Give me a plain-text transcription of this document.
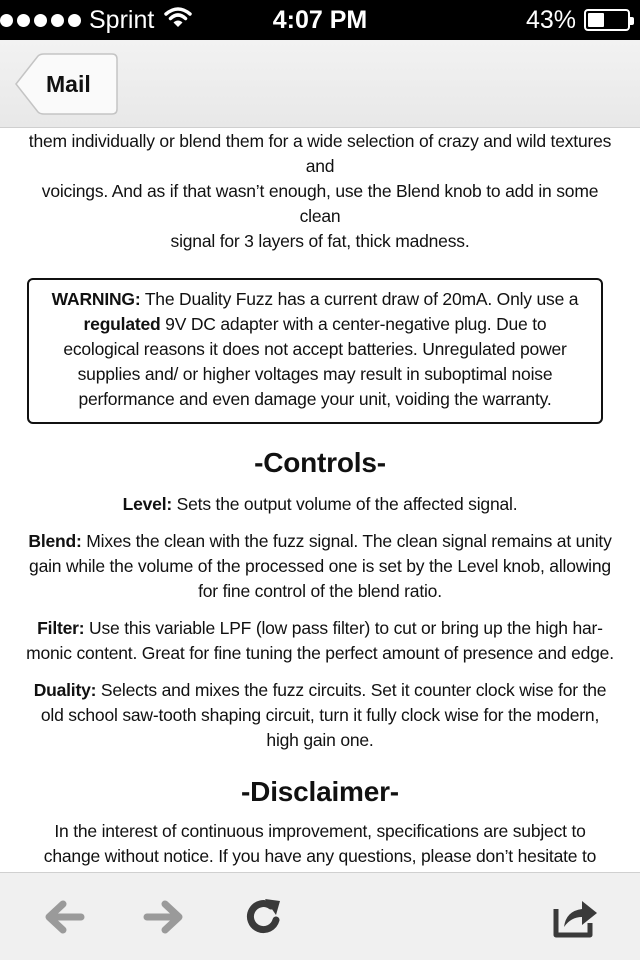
Sprint	4:07 PM	43%
Mail
them individually or blend them for a wide selection of crazy and wild textures and
voicings. And as if that wasn’t enough, use the Blend knob to add in some clean
signal for 3 layers of fat, thick madness.
WARNING: The Duality Fuzz has a current draw of 20mA. Only use a regulated 9V DC adapter with a center-negative plug. Due to ecological reasons it does not accept batteries. Unregulated power supplies and/ or higher voltages may result in suboptimal noise performance and even damage your unit, voiding the warranty.
-Controls-
Level: Sets the output volume of the affected signal.
Blend: Mixes the clean with the fuzz signal. The clean signal remains at unity gain while the volume of the processed one is set by the Level knob, allowing for fine control of the blend ratio.
Filter: Use this variable LPF (low pass filter) to cut or bring up the high har- monic content. Great for fine tuning the perfect amount of presence and edge.
Duality: Selects and mixes the fuzz circuits. Set it counter clock wise for the old school saw-tooth shaping circuit, turn it fully clock wise for the modern, high gain one.
-Disclaimer-
In the interest of continuous improvement, specifications are subject to change without notice. If you have any questions, please don’t hesitate to
